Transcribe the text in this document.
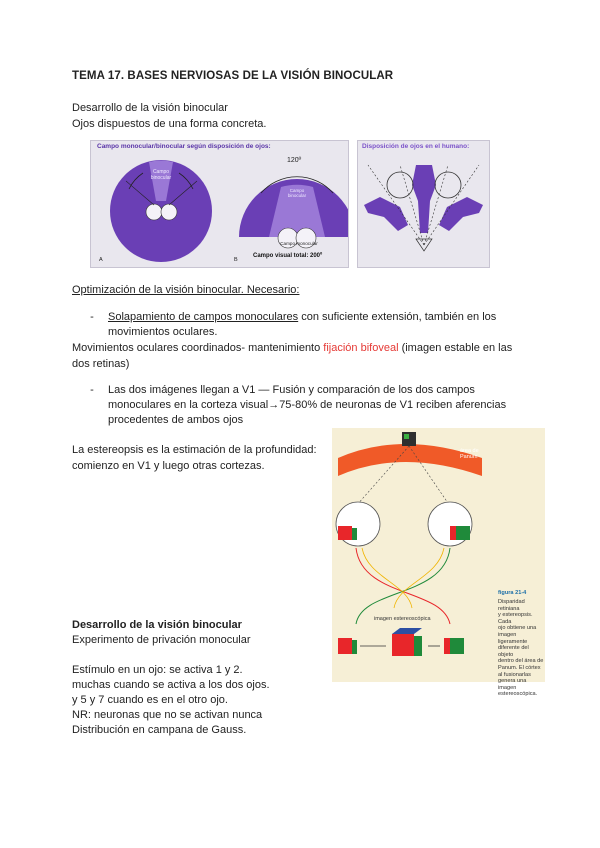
TEMA 17. BASES NERVIOSAS DE LA VISIÓN BINOCULAR
Desarrollo de la visión binocular
Ojos dispuestos de una forma concreta.
Campo monocular/binocular según disposición de ojos:
A
Campo binocular
B
120º
Campo binocular
Campo monocular
Campo visual total: 200º
Disposición de ojos en el humano:
Optimización de la visión binocular. Necesario:
-	Solapamiento de campos monoculares con suficiente extensión, también en los
movimientos oculares.
Movimientos oculares coordinados- mantenimiento fijación bifoveal (imagen estable en las
dos retinas)
-	Las dos imágenes llegan a V1 — Fusión y comparación de los dos campos
monoculares en la corteza visual→75-80% de neuronas de V1 reciben aferencias
procedentes de ambos ojos
La estereopsis es la estimación de la profundidad:
comienzo en V1 y luego otras cortezas.
área de Panum
imagen estereoscópica
figura 21-4
Disparidad retiniana
y estereopsis. Cada
ojo obtiene una
imagen ligeramente
diferente del objeto
dentro del área de
Panum. El córtex
al fusionarlas
genera una imagen
estereoscópica.
Desarrollo de la visión binocular
Experimento de privación monocular
Estímulo en un ojo: se activa 1 y 2.
muchas cuando se activa a los dos ojos.
y 5 y 7 cuando es en el otro ojo.
NR: neuronas que no se activan nunca
Distribución en campana de Gauss.
